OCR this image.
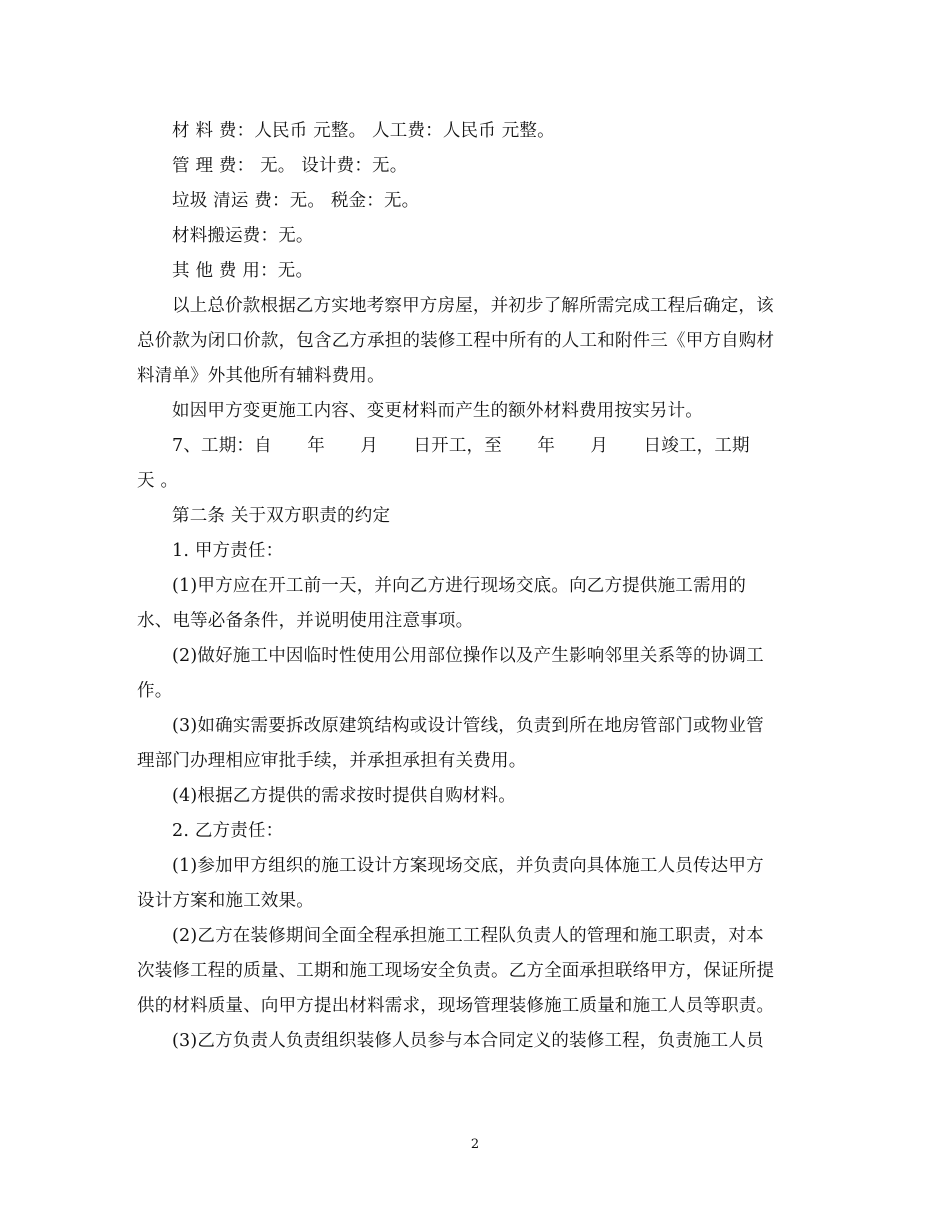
材 料 费：人民币 元整。 人工费：人民币 元整。
管 理 费： 无。 设计费：无。
垃圾 清运 费：无。 税金：无。
材料搬运费：无。
其 他 费 用：无。
以上总价款根据乙方实地考察甲方房屋，并初步了解所需完成工程后确定，该
总价款为闭口价款，包含乙方承担的装修工程中所有的人工和附件三《甲方自购材
料清单》外其他所有辅料费用。
如因甲方变更施工内容、变更材料而产生的额外材料费用按实另计。
7、工期：自　　年　　月　　日开工，至　　年　　月　　日竣工，工期
天 。
第二条 关于双方职责的约定
1. 甲方责任：
(1)甲方应在开工前一天，并向乙方进行现场交底。向乙方提供施工需用的
水、电等必备条件，并说明使用注意事项。
(2)做好施工中因临时性使用公用部位操作以及产生影响邻里关系等的协调工
作。
(3)如确实需要拆改原建筑结构或设计管线，负责到所在地房管部门或物业管
理部门办理相应审批手续，并承担承担有关费用。
(4)根据乙方提供的需求按时提供自购材料。
2. 乙方责任：
(1)参加甲方组织的施工设计方案现场交底，并负责向具体施工人员传达甲方
设计方案和施工效果。
(2)乙方在装修期间全面全程承担施工工程队负责人的管理和施工职责，对本
次装修工程的质量、工期和施工现场安全负责。乙方全面承担联络甲方，保证所提
供的材料质量、向甲方提出材料需求，现场管理装修施工质量和施工人员等职责。
(3)乙方负责人负责组织装修人员参与本合同定义的装修工程，负责施工人员
2
